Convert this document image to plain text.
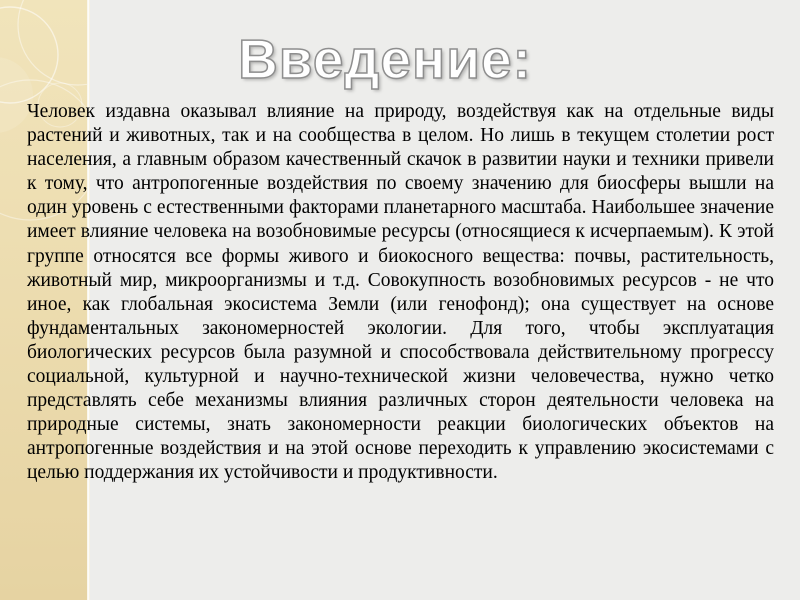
Введение:

Человек издавна оказывал влияние на природу, воздействуя как на отдельные виды растений и животных, так и на сообщества в целом. Но лишь в текущем столетии рост населения, а главным образом качественный скачок в развитии науки и техники привели к тому, что антропогенные воздействия по своему значению для биосферы вышли на один уровень с естественными факторами планетарного масштаба. Наибольшее значение имеет влияние человека на возобновимые ресурсы (относящиеся к исчерпаемым). К этой группе относятся все формы живого и биокосного вещества: почвы, растительность, животный мир, микроорганизмы и т.д. Совокупность возобновимых ресурсов - не что иное, как глобальная экосистема Земли (или генофонд); она существует на основе фундаментальных закономерностей экологии. Для того, чтобы эксплуатация биологических ресурсов была разумной и способствовала действительному прогрессу социальной, культурной и научно-технической жизни человечества, нужно четко представлять себе механизмы влияния различных сторон деятельности человека на природные системы, знать закономерности реакции биологических объектов на антропогенные воздействия и на этой основе переходить к управлению экосистемами с целью поддержания их устойчивости и продуктивности.
